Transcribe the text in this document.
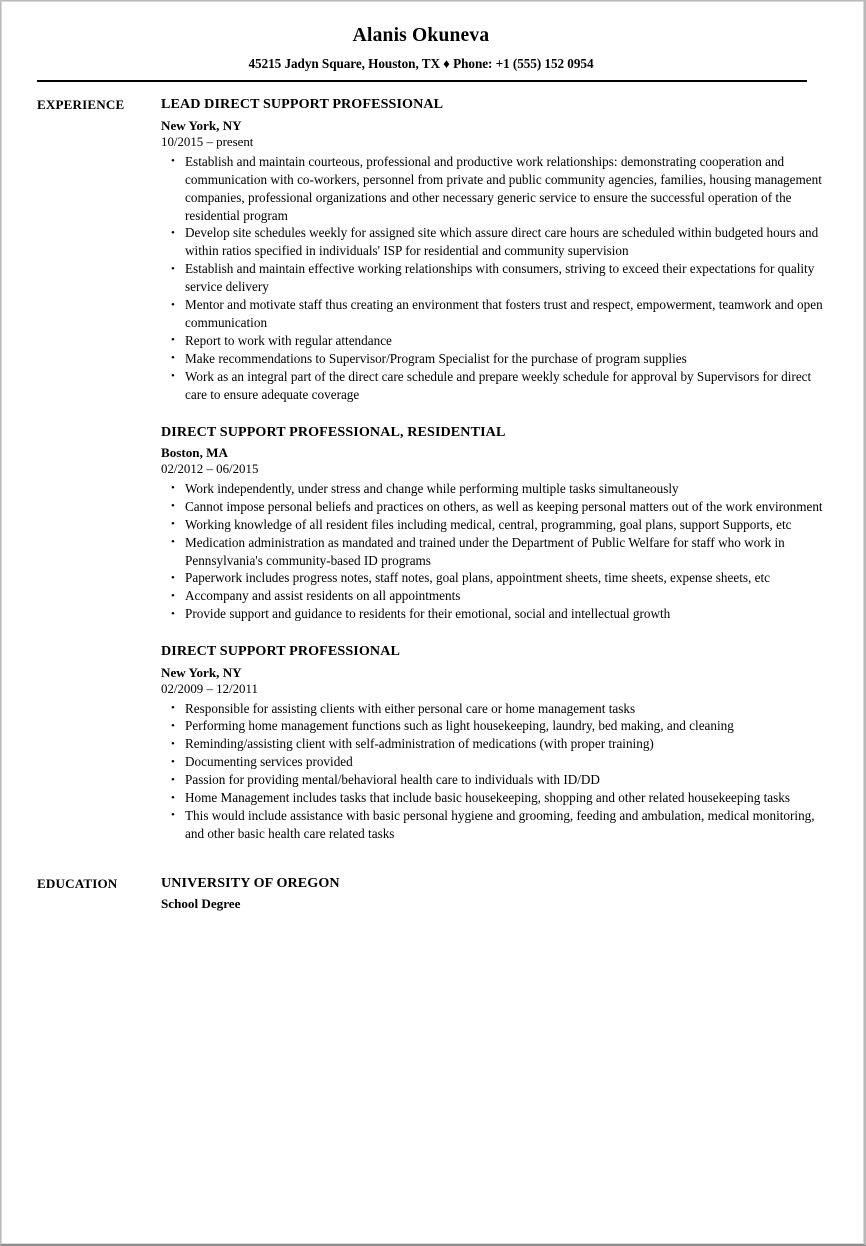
Alanis Okuneva
45215 Jadyn Square, Houston, TX ♦ Phone: +1 (555) 152 0954
EXPERIENCE	LEAD DIRECT SUPPORT PROFESSIONAL
New York, NY
10/2015 – present
• Establish and maintain courteous, professional and productive work relationships: demonstrating cooperation and communication with co-workers, personnel from private and public community agencies, families, housing management companies, professional organizations and other necessary generic service to ensure the successful operation of the residential program
• Develop site schedules weekly for assigned site which assure direct care hours are scheduled within budgeted hours and within ratios specified in individuals' ISP for residential and community supervision
• Establish and maintain effective working relationships with consumers, striving to exceed their expectations for quality service delivery
• Mentor and motivate staff thus creating an environment that fosters trust and respect, empowerment, teamwork and open communication
• Report to work with regular attendance
• Make recommendations to Supervisor/Program Specialist for the purchase of program supplies
• Work as an integral part of the direct care schedule and prepare weekly schedule for approval by Supervisors for direct care to ensure adequate coverage
DIRECT SUPPORT PROFESSIONAL, RESIDENTIAL
Boston, MA
02/2012 – 06/2015
• Work independently, under stress and change while performing multiple tasks simultaneously
• Cannot impose personal beliefs and practices on others, as well as keeping personal matters out of the work environment
• Working knowledge of all resident files including medical, central, programming, goal plans, support Supports, etc
• Medication administration as mandated and trained under the Department of Public Welfare for staff who work in Pennsylvania's community-based ID programs
• Paperwork includes progress notes, staff notes, goal plans, appointment sheets, time sheets, expense sheets, etc
• Accompany and assist residents on all appointments
• Provide support and guidance to residents for their emotional, social and intellectual growth
DIRECT SUPPORT PROFESSIONAL
New York, NY
02/2009 – 12/2011
• Responsible for assisting clients with either personal care or home management tasks
• Performing home management functions such as light housekeeping, laundry, bed making, and cleaning
• Reminding/assisting client with self-administration of medications (with proper training)
• Documenting services provided
• Passion for providing mental/behavioral health care to individuals with ID/DD
• Home Management includes tasks that include basic housekeeping, shopping and other related housekeeping tasks
• This would include assistance with basic personal hygiene and grooming, feeding and ambulation, medical monitoring, and other basic health care related tasks
EDUCATION	UNIVERSITY OF OREGON
School Degree
